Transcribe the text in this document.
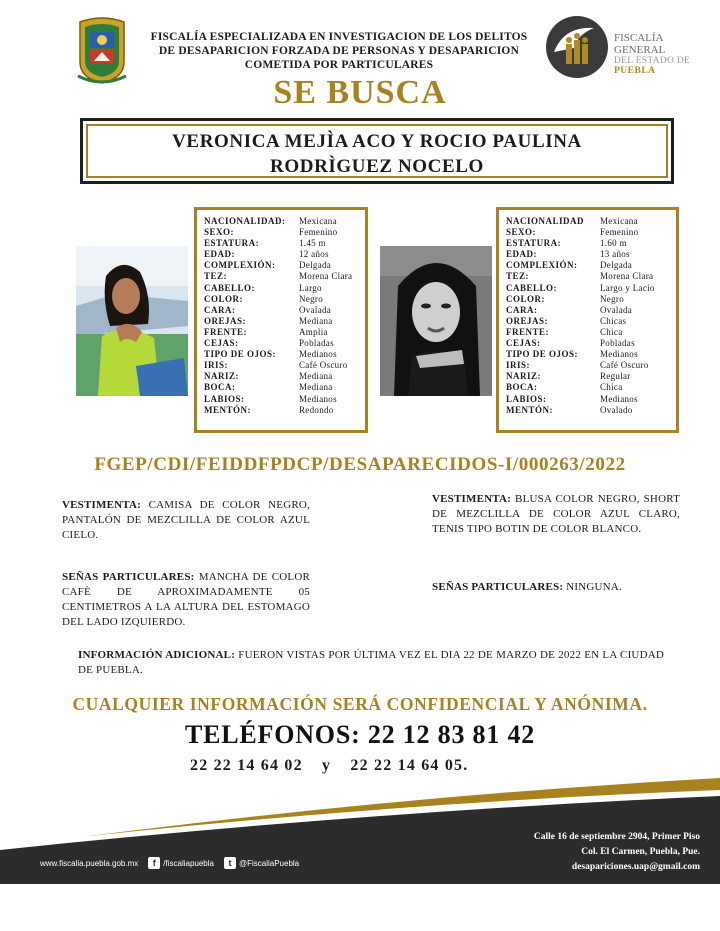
FISCALÍA ESPECIALIZADA EN INVESTIGACION DE LOS DELITOS
DE DESAPARICION FORZADA DE PERSONAS Y DESAPARICION
COMETIDA POR PARTICULARES
FISCALÍA GENERAL
DEL ESTADO DE
PUEBLA
SE BUSCA
VERONICA MEJÌA ACO Y ROCIO PAULINA
RODRÌGUEZ NOCELO
NACIONALIDAD:	Mexicana
SEXO:	Femenino
ESTATURA:	1.45 m
EDAD:	12 años
COMPLEXIÓN:	Delgada
TEZ:	Morena Clara
CABELLO:	Largo
COLOR:	Negro
CARA:	Ovalada
OREJAS:	Mediana
FRENTE:	Amplia
CEJAS:	Pobladas
TIPO DE OJOS:	Medianos
IRIS:	Café Oscuro
NARIZ:	Mediana
BOCA:	Mediana
LABIOS:	Medianos
MENTÓN:	Redondo
NACIONALIDAD	Mexicana
SEXO:	Femenino
ESTATURA:	1.60 m
EDAD:	13 años
COMPLEXIÓN:	Delgada
TEZ:	Morena Clara
CABELLO:	Largo y Lacio
COLOR:	Negro
CARA:	Ovalada
OREJAS:	Chicas
FRENTE:	Chica
CEJAS:	Pobladas
TIPO DE OJOS:	Medianos
IRIS:	Café Oscuro
NARIZ:	Regular
BOCA:	Chica
LABIOS:	Medianos
MENTÓN:	Ovalado
FGEP/CDI/FEIDDFPDCP/DESAPARECIDOS-I/000263/2022
VESTIMENTA: CAMISA DE COLOR NEGRO, PANTALÓN DE MEZCLILLA DE COLOR AZUL CIELO.
VESTIMENTA: BLUSA COLOR NEGRO, SHORT DE MEZCLILLA DE COLOR AZUL CLARO, TENIS TIPO BOTIN DE COLOR BLANCO.
SEÑAS PARTICULARES: MANCHA DE COLOR CAFÈ DE APROXIMADAMENTE 05 CENTIMETROS A LA ALTURA DEL ESTOMAGO DEL LADO IZQUIERDO.
SEÑAS PARTICULARES: NINGUNA.
INFORMACIÓN ADICIONAL: FUERON VISTAS POR ÚLTIMA VEZ EL DIA 22 DE MARZO DE 2022 EN LA CIUDAD DE PUEBLA.
CUALQUIER INFORMACIÓN SERÁ CONFIDENCIAL Y ANÓNIMA.
TELÉFONOS: 22 12 83 81 42
22 22 14 64 02 y 22 22 14 64 05.
www.fiscalia.puebla.gob.mx	f /fiscaliapuebla	t @FiscaliaPuebla
Calle 16 de septiembre 2904, Primer Piso
Col. El Carmen, Puebla, Pue.
desapariciones.uap@gmail.com
